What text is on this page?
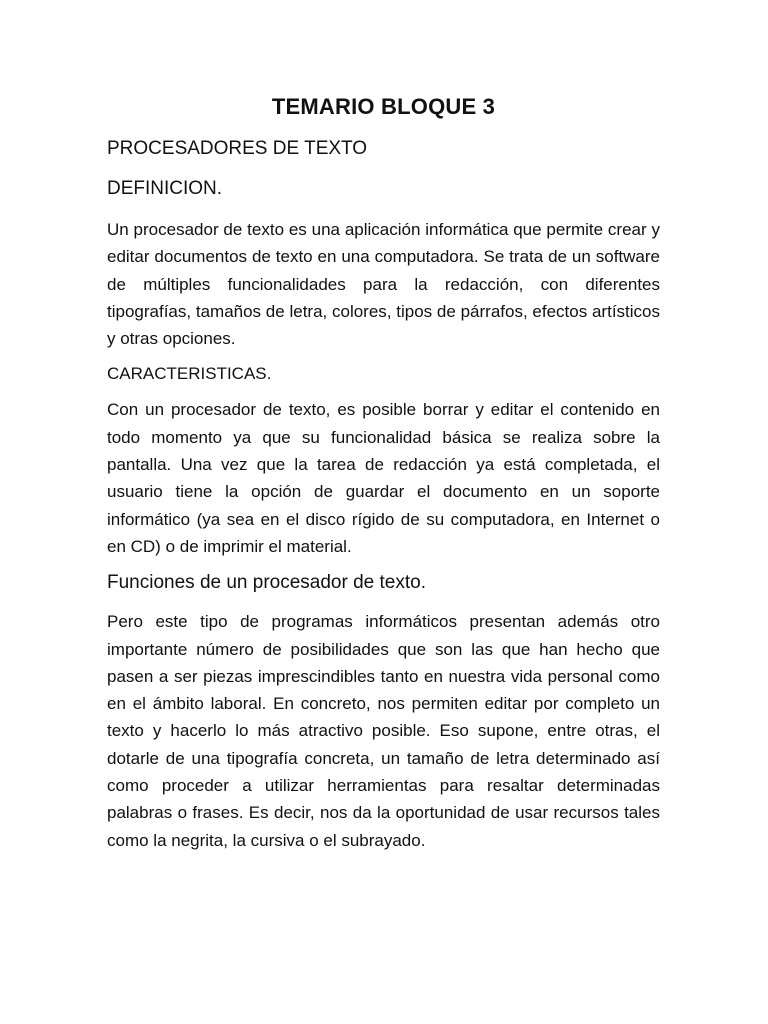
TEMARIO BLOQUE 3
PROCESADORES DE TEXTO
DEFINICION.

Un procesador de texto es una aplicación informática que permite crear y editar documentos de texto en una computadora. Se trata de un software de múltiples funcionalidades para la redacción, con diferentes tipografías, tamaños de letra, colores, tipos de párrafos, efectos artísticos y otras opciones.

CARACTERISTICAS.

Con un procesador de texto, es posible borrar y editar el contenido en todo momento ya que su funcionalidad básica se realiza sobre la pantalla. Una vez que la tarea de redacción ya está completada, el usuario tiene la opción de guardar el documento en un soporte informático (ya sea en el disco rígido de su computadora, en Internet o en CD) o de imprimir el material.

Funciones de un procesador de texto.

Pero este tipo de programas informáticos presentan además otro importante número de posibilidades que son las que han hecho que pasen a ser piezas imprescindibles tanto en nuestra vida personal como en el ámbito laboral. En concreto, nos permiten editar por completo un texto y hacerlo lo más atractivo posible. Eso supone, entre otras, el dotarle de una tipografía concreta, un tamaño de letra determinado así como proceder a utilizar herramientas para resaltar determinadas palabras o frases. Es decir, nos da la oportunidad de usar recursos tales como la negrita, la cursiva o el subrayado.
